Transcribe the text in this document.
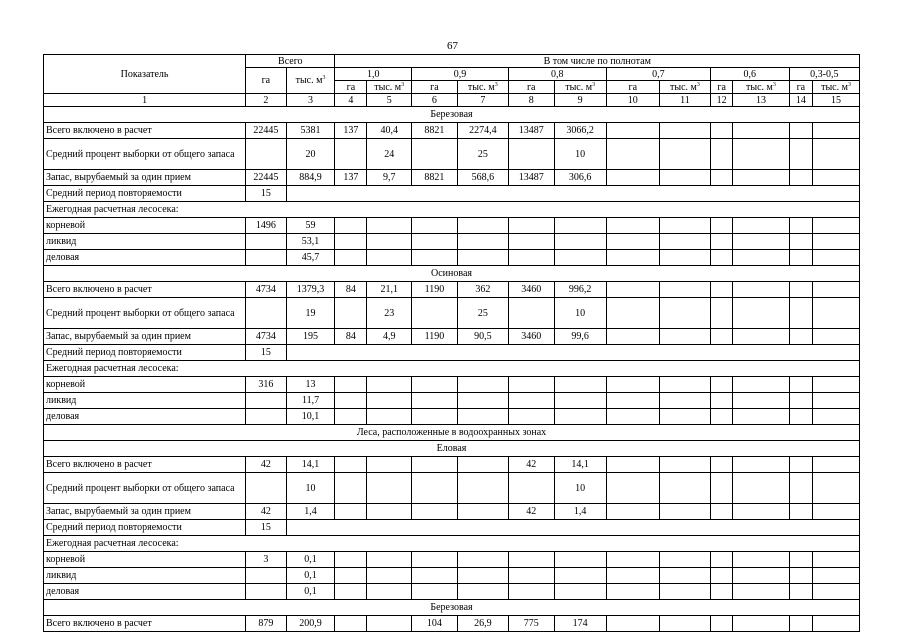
67
Показатель	Всего		В том числе по полнотам											
	га	тыс. $м^3$	1,0		0,9		0,8		0,7		0,6		0,3-0,5	
			га	тыс. $м^3$	га	тыс. $м^3$	га	тыс. $м^3$	га	тыс. $м^3$	га	тыс. $м^3$	га	тыс. $м^3$
1	2	3	4	5	6	7	8	9	10	11	12	13	14	15
Березовая														
Всего включено в расчет	22445	5381	137	40,4	8821	2274,4	13487	3066,2						
Средний процент выборки от общего запаса		20		24		25		10						
Запас, вырубаемый за один прием	22445	884,9	137	9,7	8821	568,6	13487	306,6						
Средний период повторяемости	15													
Ежегодная расчетная лесосека:														
корневой	1496	59												
ликвид		53,1												
деловая		45,7												
Осиновая														
Всего включено в расчет	4734	1379,3	84	21,1	1190	362	3460	996,2						
Средний процент выборки от общего запаса		19		23		25		10						
Запас, вырубаемый за один прием	4734	195	84	4,9	1190	90,5	3460	99,6						
Средний период повторяемости	15													
Ежегодная расчетная лесосека:														
корневой	316	13												
ликвид		11,7												
деловая		10,1												
Леса, расположенные в водоохранных зонах														
Еловая														
Всего включено в расчет	42	14,1					42	14,1						
Средний процент выборки от общего запаса		10						10						
Запас, вырубаемый за один прием	42	1,4					42	1,4						
Средний период повторяемости	15													
Ежегодная расчетная лесосека:														
корневой	3	0,1												
ликвид		0,1												
деловая		0,1												
Березовая														
Всего включено в расчет	879	200,9			104	26,9	775	174						
